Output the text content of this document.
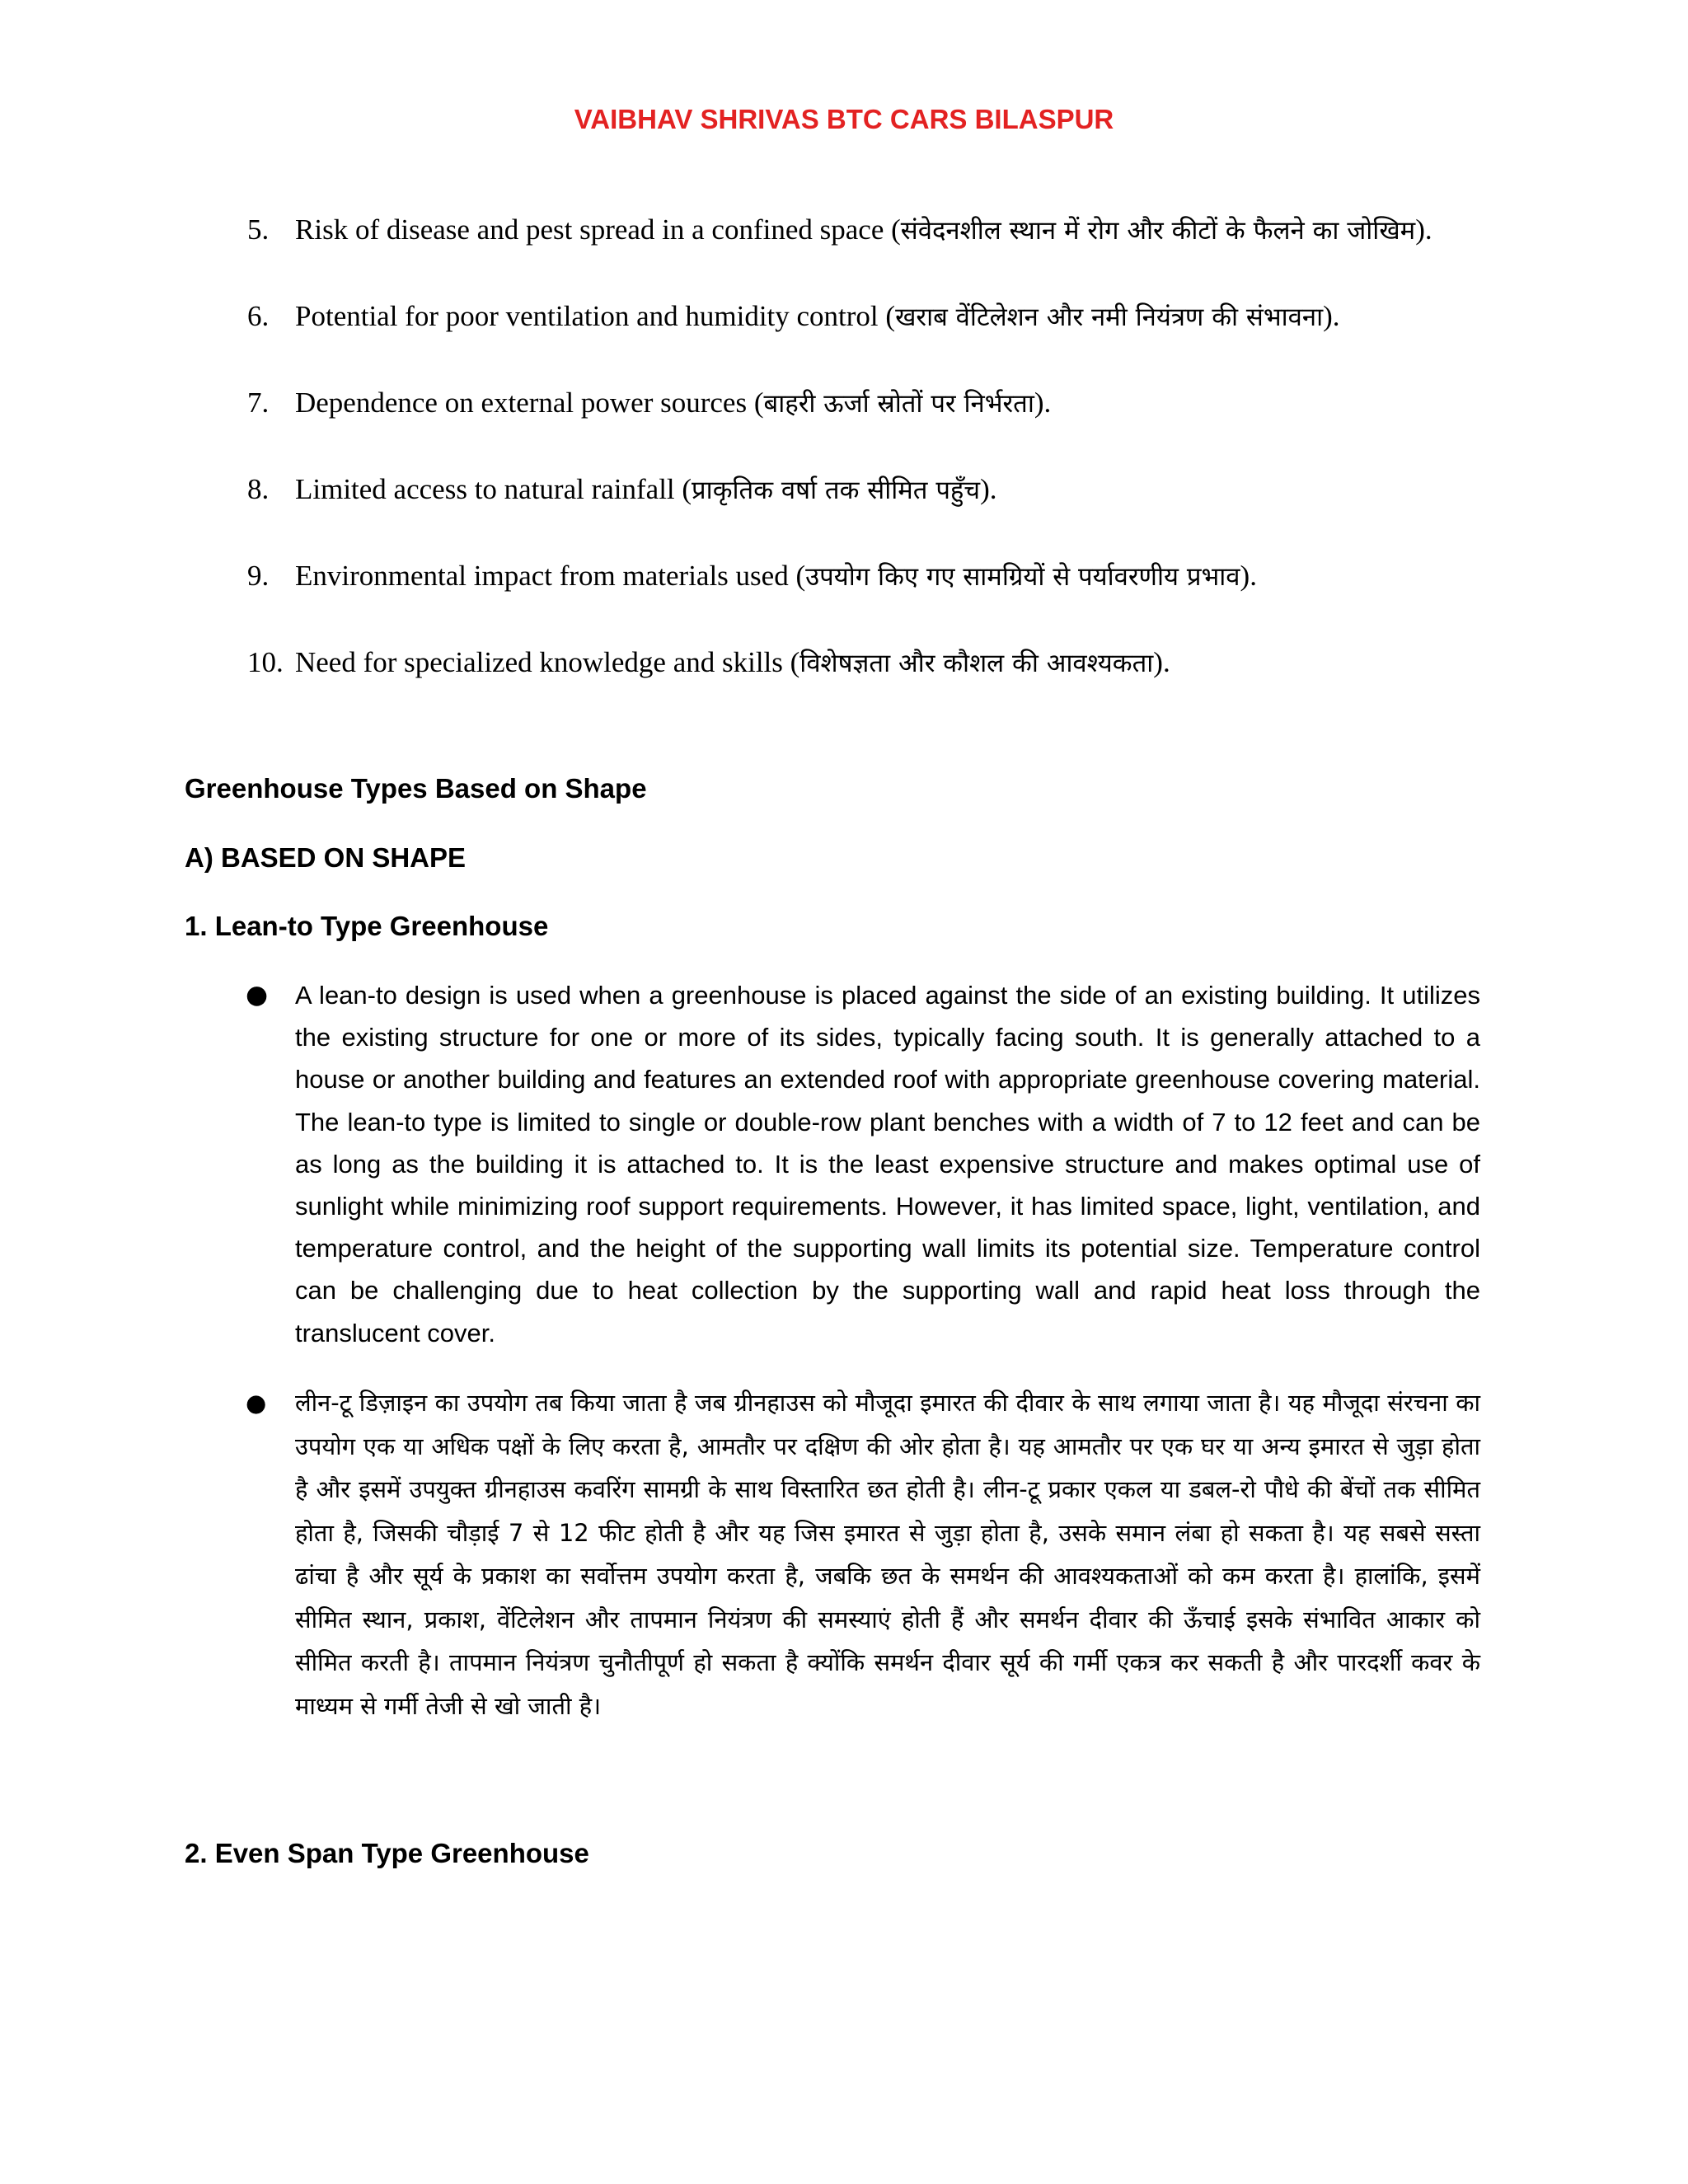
VAIBHAV SHRIVAS BTC CARS BILASPUR
5. Risk of disease and pest spread in a confined space (संवेदनशील स्थान में रोग और कीटों के फैलने का जोखिम).
6. Potential for poor ventilation and humidity control (खराब वेंटिलेशन और नमी नियंत्रण की संभावना).
7. Dependence on external power sources (बाहरी ऊर्जा स्रोतों पर निर्भरता).
8. Limited access to natural rainfall (प्राकृतिक वर्षा तक सीमित पहुँच).
9. Environmental impact from materials used (उपयोग किए गए सामग्रियों से पर्यावरणीय प्रभाव).
10. Need for specialized knowledge and skills (विशेषज्ञता और कौशल की आवश्यकता).
Greenhouse Types Based on Shape
A) BASED ON SHAPE
1. Lean-to Type Greenhouse
● A lean-to design is used when a greenhouse is placed against the side of an existing building. It utilizes the existing structure for one or more of its sides, typically facing south. It is generally attached to a house or another building and features an extended roof with appropriate greenhouse covering material. The lean-to type is limited to single or double-row plant benches with a width of 7 to 12 feet and can be as long as the building it is attached to. It is the least expensive structure and makes optimal use of sunlight while minimizing roof support requirements. However, it has limited space, light, ventilation, and temperature control, and the height of the supporting wall limits its potential size. Temperature control can be challenging due to heat collection by the supporting wall and rapid heat loss through the translucent cover.
● लीन-टू डिज़ाइन का उपयोग तब किया जाता है जब ग्रीनहाउस को मौजूदा इमारत की दीवार के साथ लगाया जाता है। यह मौजूदा संरचना का उपयोग एक या अधिक पक्षों के लिए करता है, आमतौर पर दक्षिण की ओर होता है। यह आमतौर पर एक घर या अन्य इमारत से जुड़ा होता है और इसमें उपयुक्त ग्रीनहाउस कवरिंग सामग्री के साथ विस्तारित छत होती है। लीन-टू प्रकार एकल या डबल-रो पौधे की बेंचों तक सीमित होता है, जिसकी चौड़ाई 7 से 12 फीट होती है और यह जिस इमारत से जुड़ा होता है, उसके समान लंबा हो सकता है। यह सबसे सस्ता ढांचा है और सूर्य के प्रकाश का सर्वोत्तम उपयोग करता है, जबकि छत के समर्थन की आवश्यकताओं को कम करता है। हालांकि, इसमें सीमित स्थान, प्रकाश, वेंटिलेशन और तापमान नियंत्रण की समस्याएं होती हैं और समर्थन दीवार की ऊँचाई इसके संभावित आकार को सीमित करती है। तापमान नियंत्रण चुनौतीपूर्ण हो सकता है क्योंकि समर्थन दीवार सूर्य की गर्मी एकत्र कर सकती है और पारदर्शी कवर के माध्यम से गर्मी तेजी से खो जाती है।
2. Even Span Type Greenhouse
